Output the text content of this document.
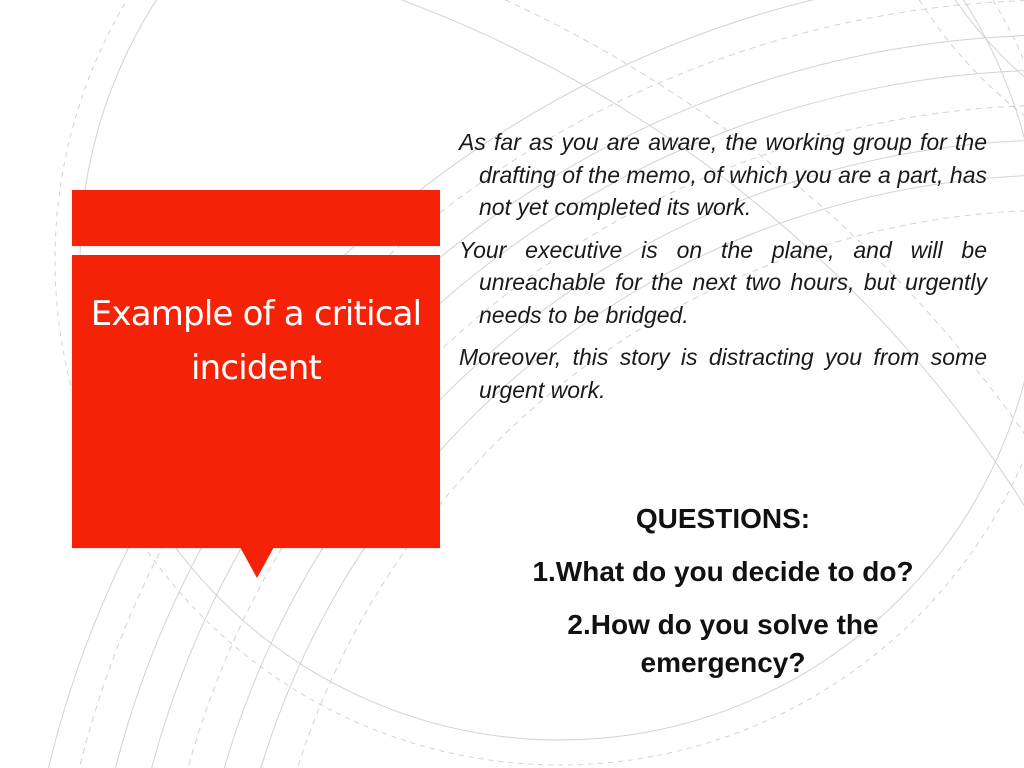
Example of a critical incident

As far as you are aware, the working group for the drafting of the memo, of which you are a part, has not yet completed its work.

Your executive is on the plane, and will be unreachable for the next two hours, but urgently needs to be bridged.

Moreover, this story is distracting you from some urgent work.

QUESTIONS:
1.What do you decide to do?
2.How do you solve the emergency?
